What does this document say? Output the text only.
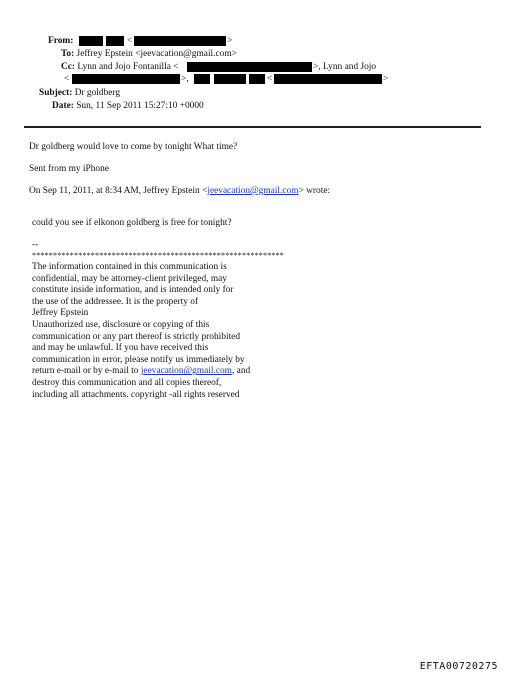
From:	<	>
To: Jeffrey Epstein <jeevacation@gmail.com>
Cc: Lynn and Jojo Fontanilla <	>, Lynn and Jojo
<	>,	<	>
Subject: Dr goldberg
Date: Sun, 11 Sep 2011 15:27:10 +0000
Dr goldberg would love to come by tonight What time?
Sent from my iPhone
On Sep 11, 2011, at 8:34 AM, Jeffrey Epstein <jeevacation@gmail.com> wrote:
could you see if elkonon goldberg is free for tonight?
--
************************************************************
The information contained in this communication is
confidential, may be attorney-client privileged, may
constitute inside information, and is intended only for
the use of the addressee. It is the property of
Jeffrey Epstein
Unauthorized use, disclosure or copying of this
communication or any part thereof is strictly prohibited
and may be unlawful. If you have received this
communication in error, please notify us immediately by
return e-mail or by e-mail to jeevacation@gmail.com, and
destroy this communication and all copies thereof,
including all attachments. copyright -all rights reserved
EFTA00720275
